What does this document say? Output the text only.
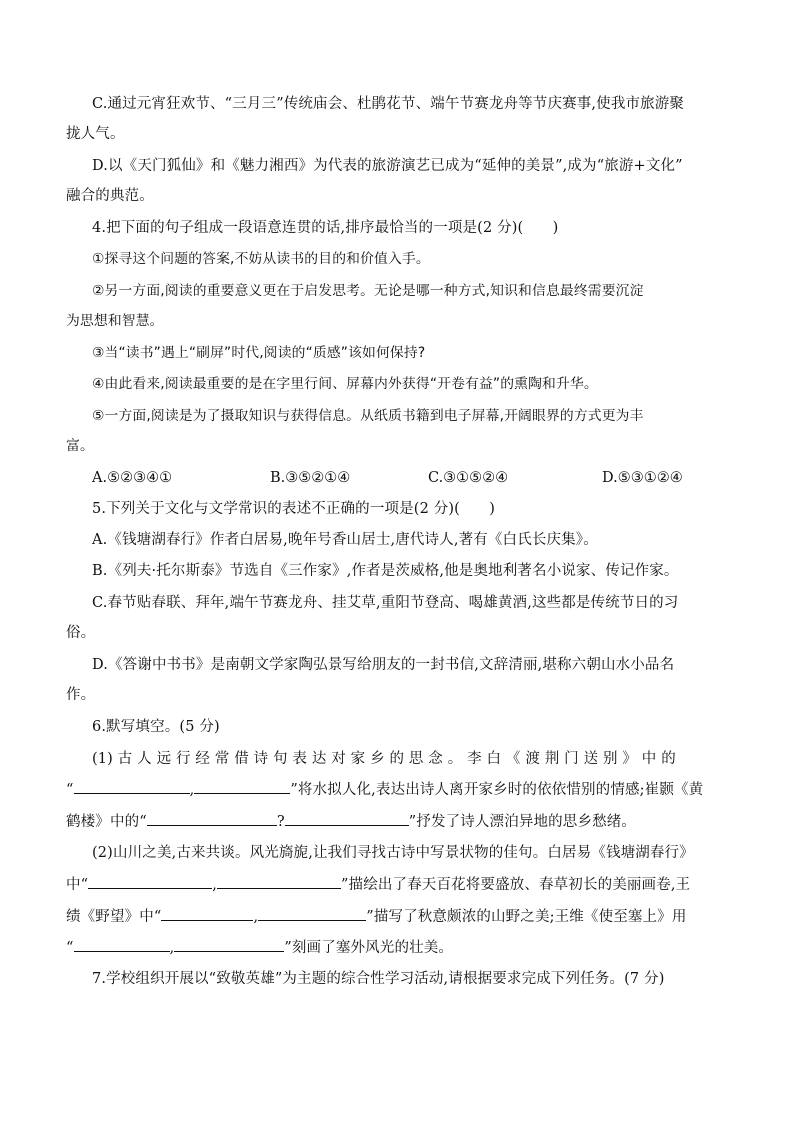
C.通过元宵狂欢节、“三月三”传统庙会、杜鹃花节、端午节赛龙舟等节庆赛事,使我市旅游聚
拢人气。
D.以《天门狐仙》和《魅力湘西》为代表的旅游演艺已成为“延伸的美景”,成为“旅游+文化”
融合的典范。
4.把下面的句子组成一段语意连贯的话,排序最恰当的一项是(2 分)(　　)
①探寻这个问题的答案,不妨从读书的目的和价值入手。
②另一方面,阅读的重要意义更在于启发思考。无论是哪一种方式,知识和信息最终需要沉淀
为思想和智慧。
③当“读书”遇上“刷屏”时代,阅读的“质感”该如何保持?
④由此看来,阅读最重要的是在字里行间、屏幕内外获得“开卷有益”的熏陶和升华。
⑤一方面,阅读是为了摄取知识与获得信息。从纸质书籍到电子屏幕,开阔眼界的方式更为丰
富。
A.⑤②③④①	B.③⑤②①④	C.③①⑤②④	D.⑤③①②④
5.下列关于文化与文学常识的表述不正确的一项是(2 分)(　　)
A.《钱塘湖春行》作者白居易,晚年号香山居士,唐代诗人,著有《白氏长庆集》。
B.《列夫·托尔斯泰》节选自《三作家》,作者是茨威格,他是奥地利著名小说家、传记作家。
C.春节贴春联、拜年,端午节赛龙舟、挂艾草,重阳节登高、喝雄黄酒,这些都是传统节日的习
俗。
D.《答谢中书书》是南朝文学家陶弘景写给朋友的一封书信,文辞清丽,堪称六朝山水小品名
作。
6.默写填空。(5 分)
(1) 古 人 远 行 经 常 借 诗 句 表 达 对 家 乡 的 思 念 。 李 白 《 渡 荆 门 送 别 》 中 的
“	,	”将水拟人化,表达出诗人离开家乡时的依依惜别的情感;崔颢《黄
鹤楼》中的“	?	”抒发了诗人漂泊异地的思乡愁绪。
(2)山川之美,古来共谈。风光旖旎,让我们寻找古诗中写景状物的佳句。白居易《钱塘湖春行》
中“	,	”描绘出了春天百花将要盛放、春草初长的美丽画卷,王
绩《野望》中“	,	”描写了秋意颇浓的山野之美;王维《使至塞上》用
“	,	”刻画了塞外风光的壮美。
7.学校组织开展以“致敬英雄”为主题的综合性学习活动,请根据要求完成下列任务。(7 分)
